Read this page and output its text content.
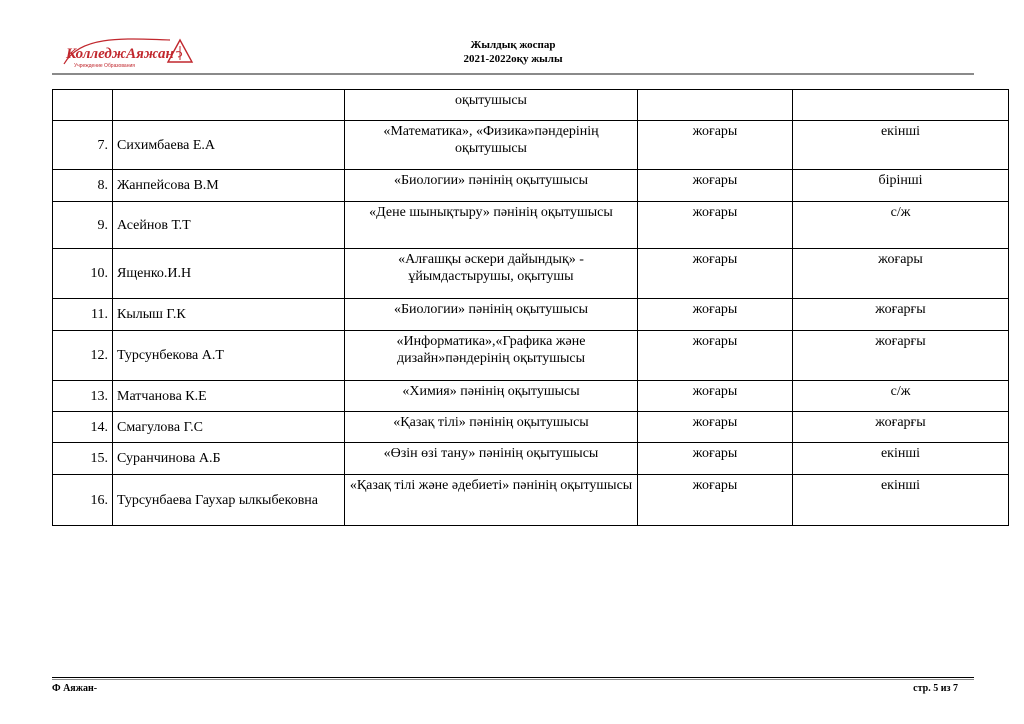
КолледжАяжан
Учреждение Образования
Жылдық жоспар
2021-2022оқу жылы
		оқытушысы		
7.	Сихимбаева Е.А	«Математика», «Физика»пәндерінің оқытушысы	жоғары	екінші
8.	Жанпейсова В.М	«Биологии» пәнінің оқытушысы	жоғары	бірінші
9.	Асейнов Т.Т	«Дене шынықтыру» пәнінің оқытушысы	жоғары	с/ж
10.	Ященко.И.Н	«Алғашқы әскери дайындық» - ұйымдастырушы, оқытушы	жоғары	жоғары
11.	Кылыш Г.К	«Биологии» пәнінің оқытушысы	жоғары	жоғарғы
12.	Турсунбекова А.Т	«Информатика»,«Графика және дизайн»пәндерінің оқытушысы	жоғары	жоғарғы
13.	Матчанова К.Е	«Химия» пәнінің оқытушысы	жоғары	с/ж
14.	Смагулова Г.С	«Қазақ тілі» пәнінің оқытушысы	жоғары	жоғарғы
15.	Суранчинова А.Б	«Өзін өзі тану» пәнінің оқытушысы	жоғары	екінші
16.	Турсунбаева Гаухар ылкыбековна	«Қазақ тілі және әдебиеті» пәнінің оқытушысы	жоғары	екінші
Ф Аяжан-	стр. 5 из 7
